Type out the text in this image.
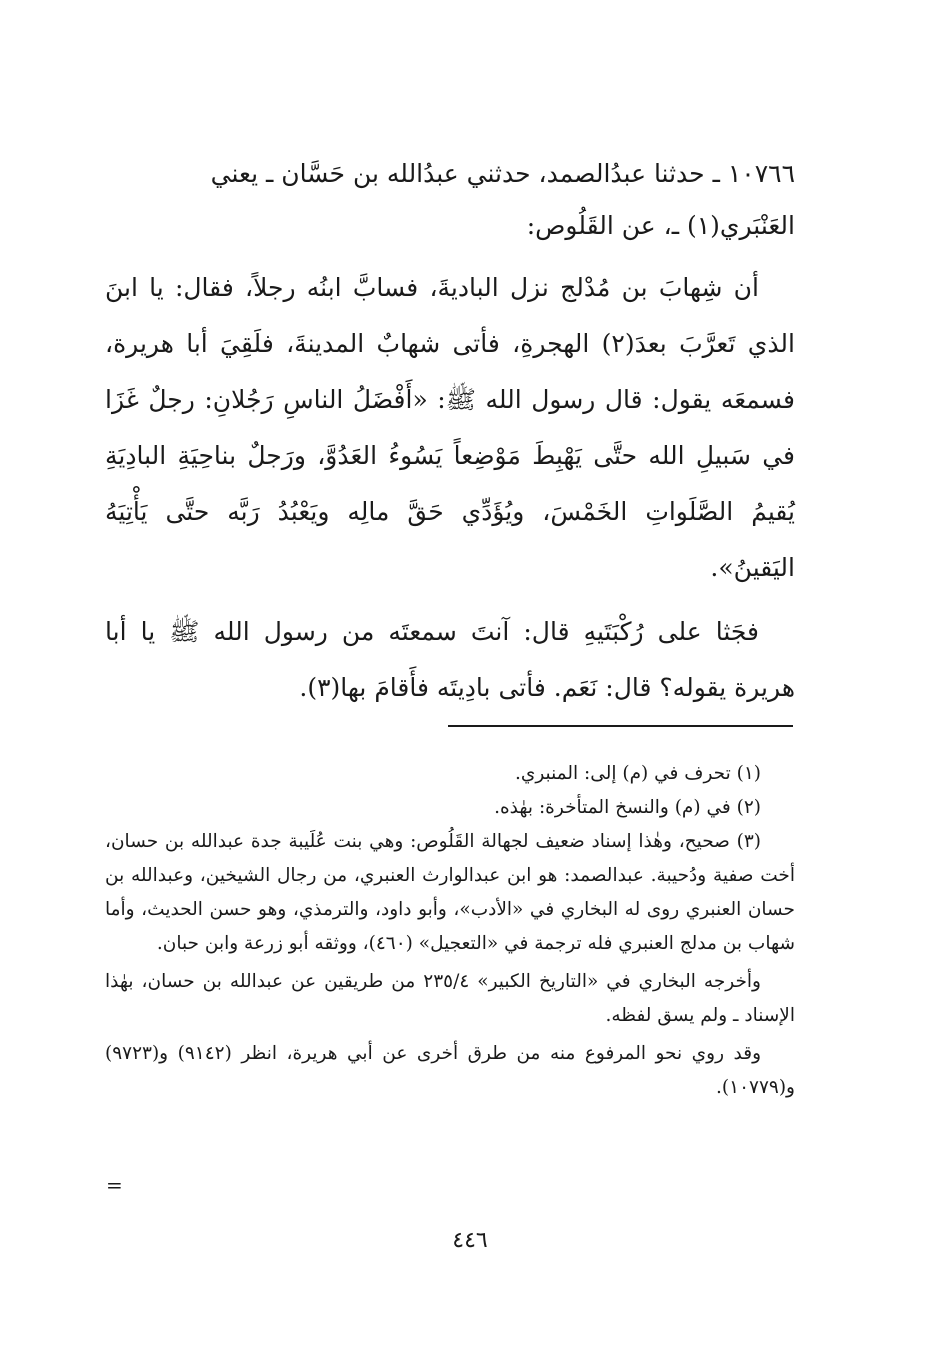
١٠٧٦٦ ـ حدثنا عبدُالصمد، حدثني عبدُالله بن حَسَّان ـ يعني

العَنْبَري(١) ـ، عن القَلُوص:

أن شِهابَ بن مُدْلج نزل الباديةَ، فسابَّ ابنُه رجلاً، فقال: يا ابنَ الذي تَعرَّبَ بعدَ(٢) الهجرةِ، فأتى شهابٌ المدينةَ، فلَقِيَ أبا هريرة، فسمعَه يقول: قال رسول الله ﷺ: «أَفْضَلُ الناسِ رَجُلانِ: رجلٌ غَزَا في سَبيلِ الله حتَّى يَهْبِطَ مَوْضِعاً يَسُوءُ العَدُوَّ، ورَجلٌ بناحِيَةِ البادِيَةِ يُقيمُ الصَّلَواتِ الخَمْسَ، ويُؤَدِّي حَقَّ مالِه ويَعْبُدُ رَبَّه حتَّى يَأْتِيَهُ اليَقينُ».

فجَثا على رُكْبَتَيهِ قال: آنتَ سمعتَه من رسول الله ﷺ يا أبا هريرة يقوله؟ قال: نَعَم. فأتى بادِيتَه فأَقامَ بها(٣).

(١) تحرف في (م) إلى: المنبري.

(٢) في (م) والنسخ المتأخرة: بهٰذه.

(٣) صحيح، وهٰذا إسناد ضعيف لجهالة القَلُوص: وهي بنت عُلَيبة جدة عبدالله بن حسان، أخت صفية ودُحيبة. عبدالصمد: هو ابن عبدالوارث العنبري، من رجال الشيخين، وعبدالله بن حسان العنبري روى له البخاري في «الأدب»، وأبو داود، والترمذي، وهو حسن الحديث، وأما شهاب بن مدلج العنبري فله ترجمة في «التعجيل» (٤٦٠)، ووثقه أبو زرعة وابن حبان.

وأخرجه البخاري في «التاريخ الكبير» ٢٣٥/٤ من طريقين عن عبدالله بن حسان، بهٰذا الإسناد ـ ولم يسق لفظه.

وقد روي نحو المرفوع منه من طرق أخرى عن أبي هريرة، انظر (٩١٤٢) و(٩٧٢٣) و(١٠٧٧٩).

=
٤٤٦
